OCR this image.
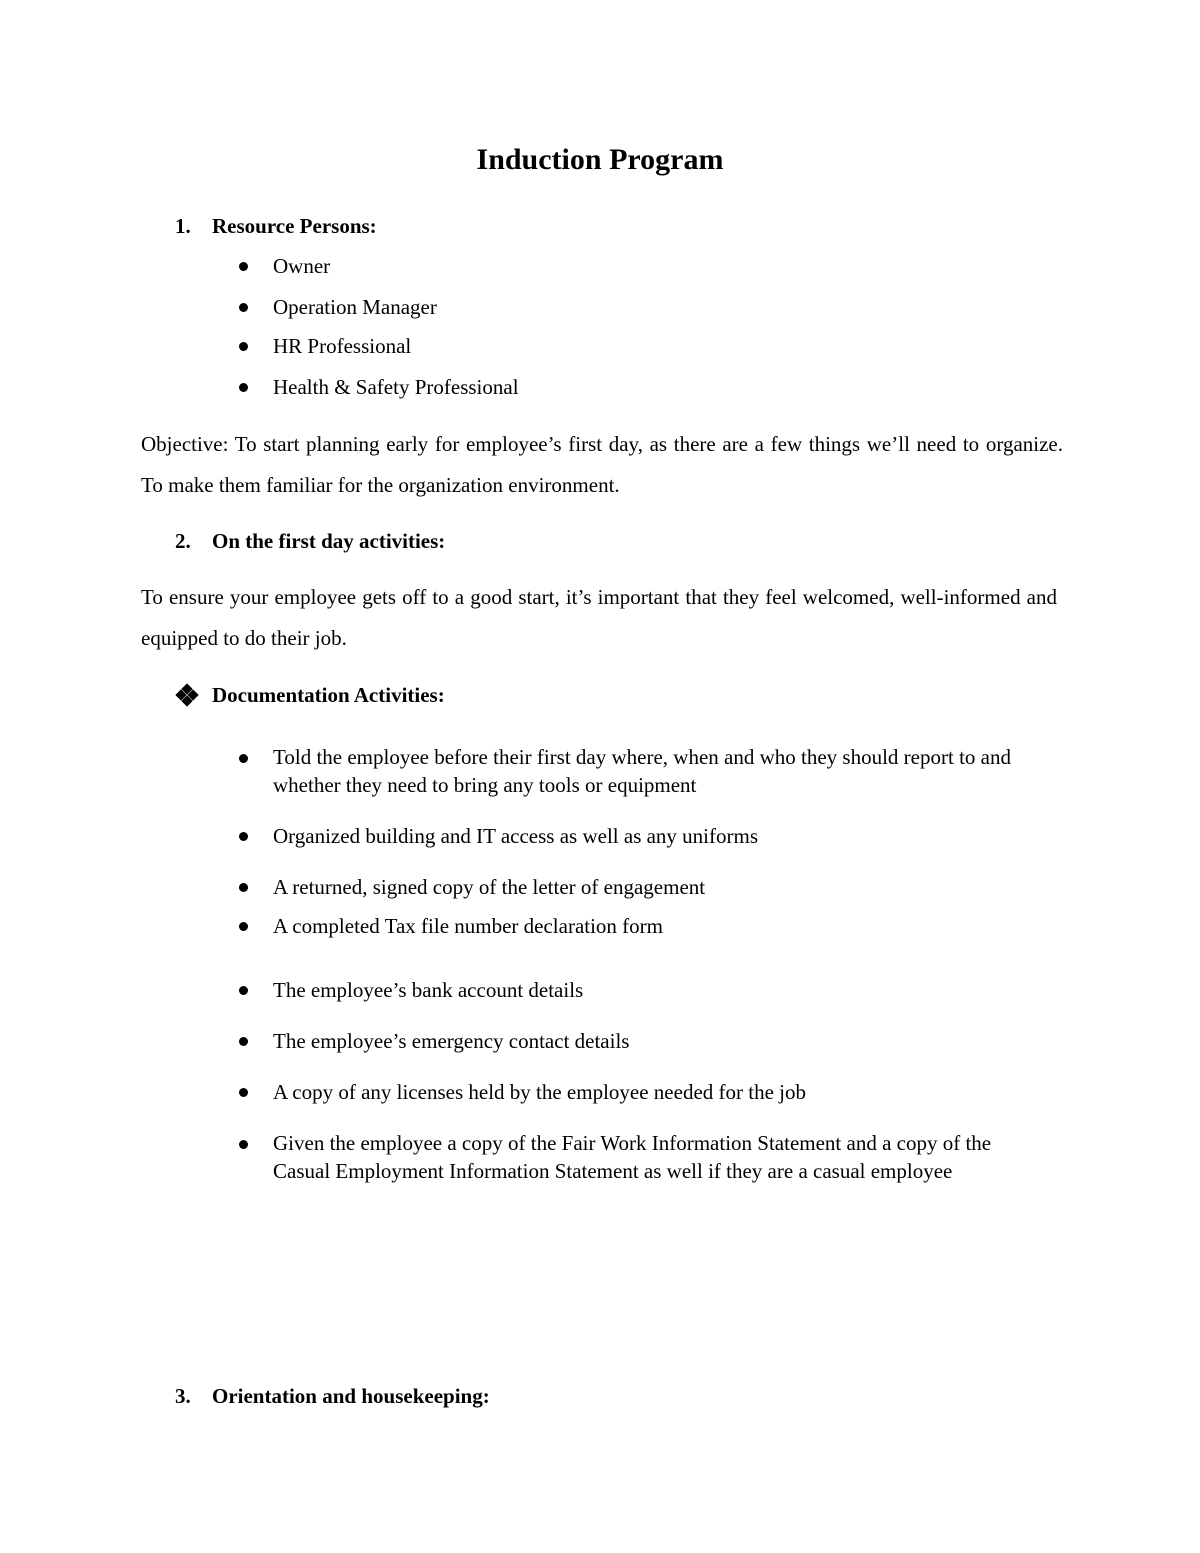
Induction Program
1. Resource Persons:
Owner
Operation Manager
HR Professional
Health & Safety Professional
Objective: To start planning early for employee’s first day, as there are a few things we’ll need to organize. To make them familiar for the organization environment.
2. On the first day activities:
To ensure your employee gets off to a good start, it’s important that they feel welcomed, well-informed and equipped to do their job.
Documentation Activities:
Told the employee before their first day where, when and who they should report to and whether they need to bring any tools or equipment
Organized building and IT access as well as any uniforms
A returned, signed copy of the letter of engagement
A completed Tax file number declaration form
The employee’s bank account details
The employee’s emergency contact details
A copy of any licenses held by the employee needed for the job
Given the employee a copy of the Fair Work Information Statement and a copy of the Casual Employment Information Statement as well if they are a casual employee
3. Orientation and housekeeping:
